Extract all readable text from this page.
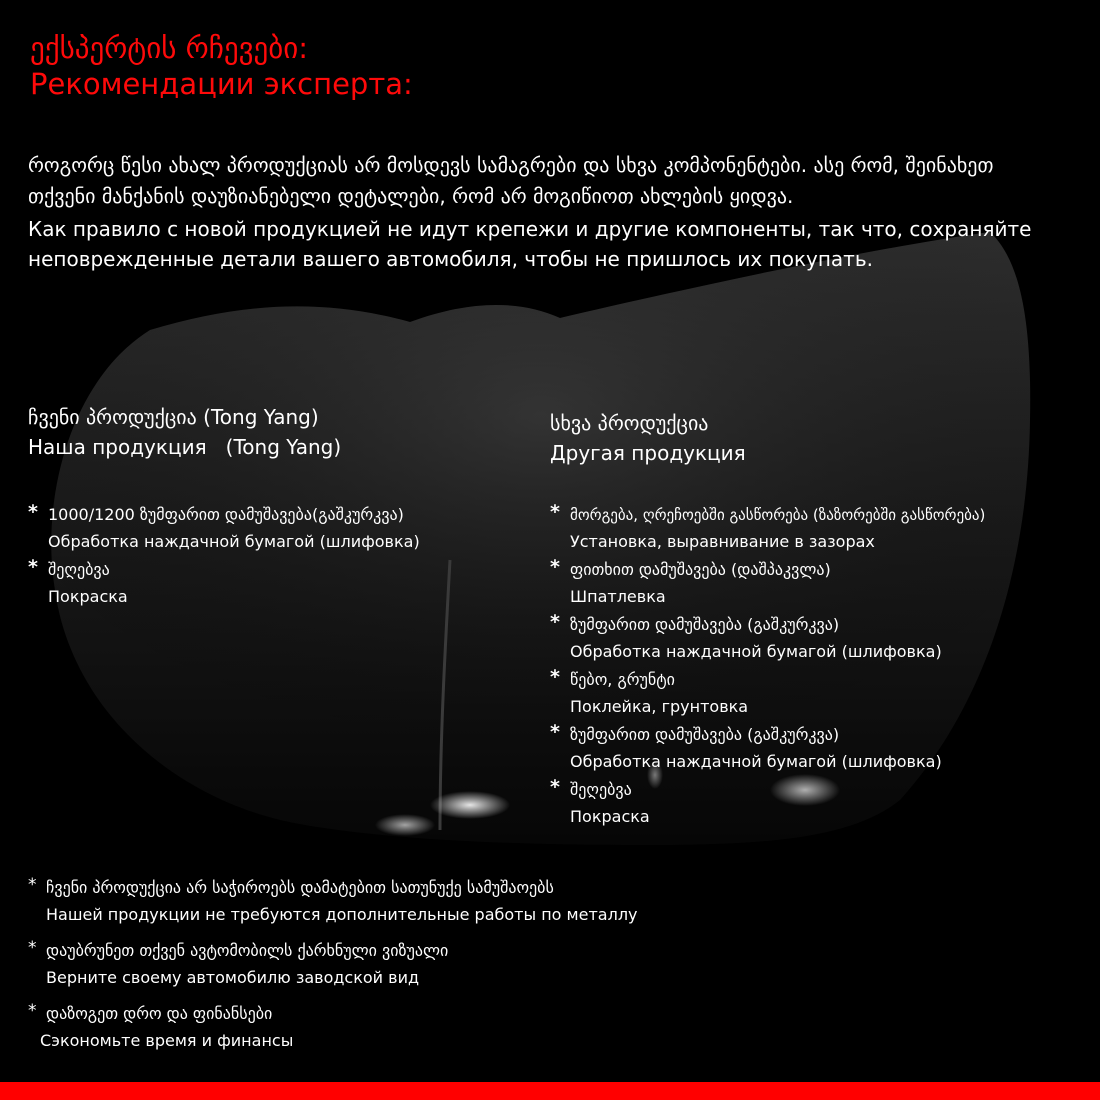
ექსპერტის რჩევები:
Рекомендации эксперта:

როგორც წესი ახალ პროდუქციას არ მოსდევს სამაგრები და სხვა კომპონენტები. ასე რომ, შეინახეთ თქვენი მანქანის დაუზიანებელი დეტალები, რომ არ მოგიწიოთ ახლების ყიდვა.

Как правило с новой продукцией не идут крепежи и другие компоненты, так что, сохраняйте неповрежденные детали вашего автомобиля, чтобы не пришлось их покупать.

ჩვენი პროდუქცია (Tong Yang)
Наша продукция   (Tong Yang)
* 1000/1200 ზუმფარით დამუშავება(გაშკურკვა)
Обработка наждачной бумагой (шлифовка)
* შეღებვა
Покраска
სხვა პროდუქცია
Другая продукция
* მორგება, ღრეჩოებში გასწორება (ზაზორებში გასწორება)
Установка, выравнивание в зазорах
* ფითხით დამუშავება (დაშპაკვლა)
Шпатлевка
* ზუმფარით დამუშავება (გაშკურკვა)
Обработка наждачной бумагой (шлифовка)
* წებო, გრუნტი
Поклейка, грунтовка
* ზუმფარით დამუშავება (გაშკურკვა)
Обработка наждачной бумагой (шлифовка)
* შეღებვა
Покраска
* ჩვენი პროდუქცია არ საჭიროებს დამატებით სათუნუქე სამუშაოებს
Нашей продукции не требуются дополнительные работы по металлу
* დაუბრუნეთ თქვენ ავტომობილს ქარხნული ვიზუალი
Верните своему автомобилю заводской вид
* დაზოგეთ დრო და ფინანსები
Сэкономьте время и финансы
